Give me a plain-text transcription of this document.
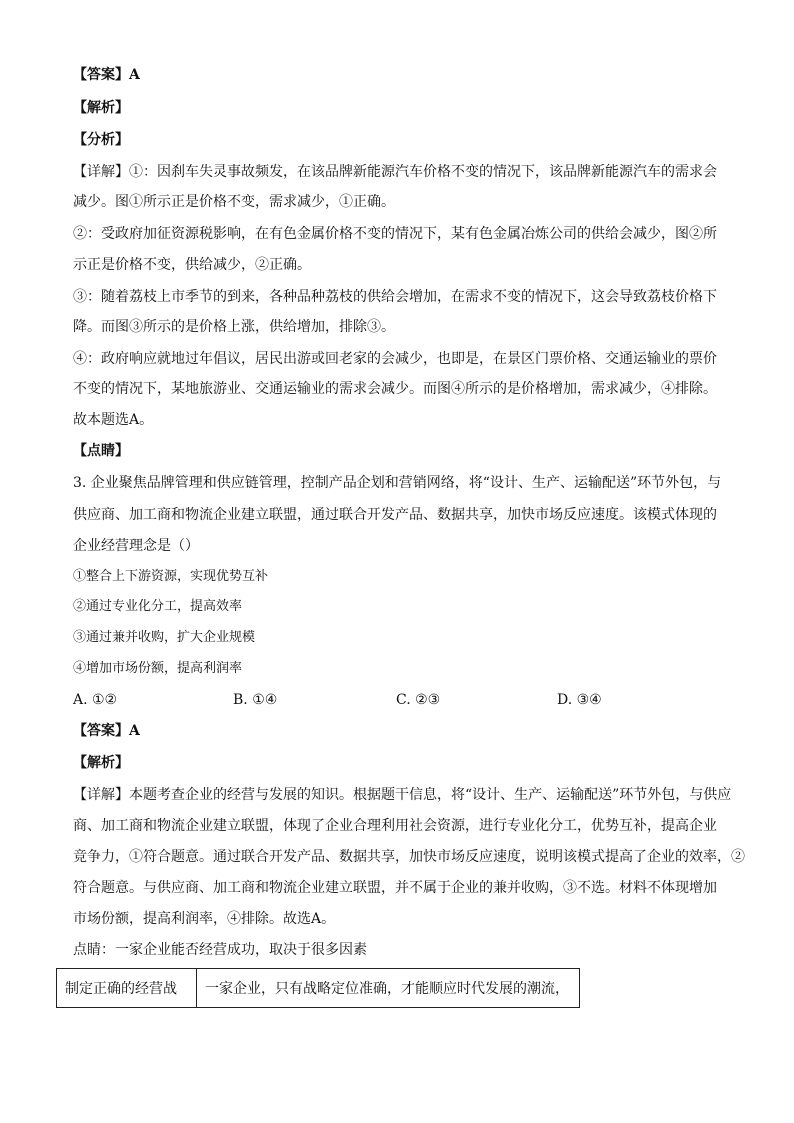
【答案】A
【解析】
【分析】
【详解】①：因刹车失灵事故频发，在该品牌新能源汽车价格不变的情况下，该品牌新能源汽车的需求会
减少。图①所示正是价格不变，需求减少，①正确。
②：受政府加征资源税影响，在有色金属价格不变的情况下，某有色金属冶炼公司的供给会减少，图②所
示正是价格不变，供给减少，②正确。
③：随着荔枝上市季节的到来，各种品种荔枝的供给会增加，在需求不变的情况下，这会导致荔枝价格下
降。而图③所示的是价格上涨，供给增加，排除③。
④：政府响应就地过年倡议，居民出游或回老家的会减少，也即是，在景区门票价格、交通运输业的票价
不变的情况下，某地旅游业、交通运输业的需求会减少。而图④所示的是价格增加，需求减少，④排除。
故本题选A。
【点睛】
3. 企业聚焦品牌管理和供应链管理，控制产品企划和营销网络，将“设计、生产、运输配送”环节外包，与
供应商、加工商和物流企业建立联盟，通过联合开发产品、数据共享，加快市场反应速度。该模式体现的
企业经营理念是（）
①整合上下游资源，实现优势互补
②通过专业化分工，提高效率
③通过兼并收购，扩大企业规模
④增加市场份额，提高利润率
A. ①②	B. ①④	C. ②③	D. ③④
【答案】A
【解析】
【详解】本题考查企业的经营与发展的知识。根据题干信息，将“设计、生产、运输配送”环节外包，与供应
商、加工商和物流企业建立联盟，体现了企业合理利用社会资源，进行专业化分工，优势互补，提高企业
竞争力，①符合题意。通过联合开发产品、数据共享，加快市场反应速度，说明该模式提高了企业的效率，②
符合题意。与供应商、加工商和物流企业建立联盟，并不属于企业的兼并收购，③不选。材料不体现增加
市场份额，提高利润率，④排除。故选A。
点睛：一家企业能否经营成功，取决于很多因素
制定正确的经营战	一家企业，只有战略定位准确，才能顺应时代发展的潮流，
